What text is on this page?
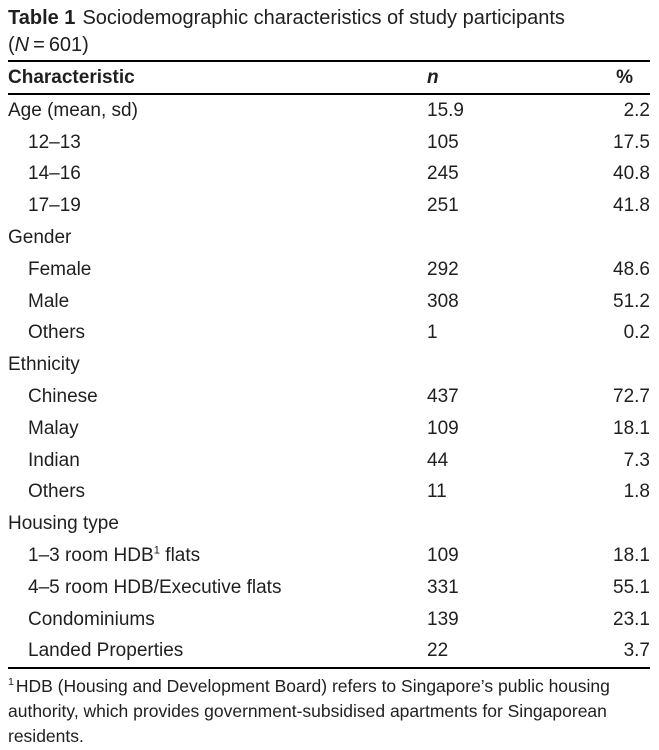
Table 1 Sociodemographic characteristics of study participants
(N = 601)
Characteristic	n	%
Age (mean, sd)	15.9	2.2
12–13	105	17.5
14–16	245	40.8
17–19	251	41.8
Gender
Female	292	48.6
Male	308	51.2
Others	1	0.2
Ethnicity
Chinese	437	72.7
Malay	109	18.1
Indian	44	7.3
Others	11	1.8
Housing type
1–3 room HDB$^1$ flats	109	18.1
4–5 room HDB/Executive flats	331	55.1
Condominiums	139	23.1
Landed Properties	22	3.7
$^1$ HDB (Housing and Development Board) refers to Singapore’s public housing authority, which provides government-subsidised apartments for Singaporean residents.
